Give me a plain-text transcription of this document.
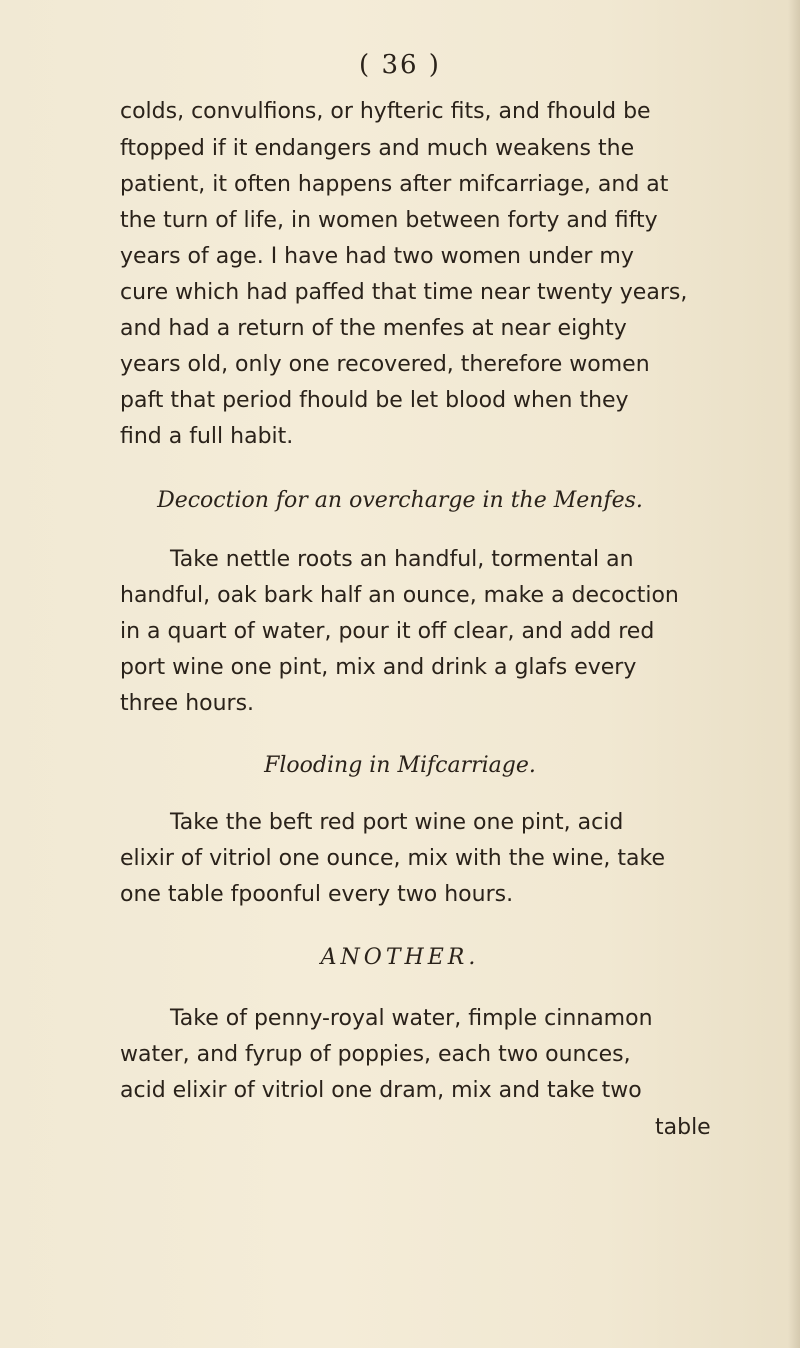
( 36 )
colds, convulfions, or hyfteric fits, and fhould be
ftopped if it endangers and much weakens the
patient, it often happens after mifcarriage, and at
the turn of life, in women between forty and fifty
years of age. I have had two women under my
cure which had paffed that time near twenty years,
and had a return of the menfes at near eighty
years old, only one recovered, therefore women
paft that period fhould be let blood when they
find a full habit.
Decoction for an overcharge in the Menfes.
Take nettle roots an handful, tormental an
handful, oak bark half an ounce, make a decoction
in a quart of water, pour it off clear, and add red
port wine one pint, mix and drink a glafs every
three hours.
Flooding in Mifcarriage.
Take the beft red port wine one pint, acid
elixir of vitriol one ounce, mix with the wine, take
one table fpoonful every two hours.
ANOTHER.
Take of penny-royal water, fimple cinnamon
water, and fyrup of poppies, each two ounces,
acid elixir of vitriol one dram, mix and take two
table
